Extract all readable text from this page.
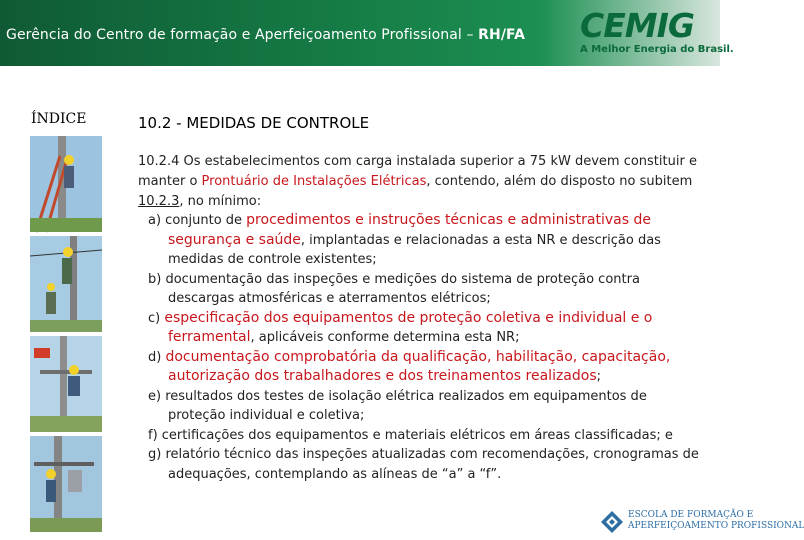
Gerência do Centro de formação e Aperfeiçoamento Profissional – RH/FA CEMIG
A Melhor Energia do Brasil.
ÍNDICE	10.2 - MEDIDAS DE CONTROLE
10.2.4 Os estabelecimentos com carga instalada superior a 75 kW devem constituir e manter o Prontuário de Instalações Elétricas, contendo, além do disposto no subitem 10.2.3, no mínimo:

a) conjunto de procedimentos e instruções técnicas e administrativas de segurança e saúde, implantadas e relacionadas a esta NR e descrição das medidas de controle existentes;

b) documentação das inspeções e medições do sistema de proteção contra descargas atmosféricas e aterramentos elétricos;

c) especificação dos equipamentos de proteção coletiva e individual e o ferramental, aplicáveis conforme determina esta NR;

d) documentação comprobatória da qualificação, habilitação, capacitação, autorização dos trabalhadores e dos treinamentos realizados;

e) resultados dos testes de isolação elétrica realizados em equipamentos de proteção individual e coletiva;

f) certificações dos equipamentos e materiais elétricos em áreas classificadas; e

g) relatório técnico das inspeções atualizadas com recomendações, cronogramas de adequações, contemplando as alíneas de “a” a “f”.

ESCOLA DE FORMAÇÃO E
APERFEIÇOAMENTO PROFISSIONAL
